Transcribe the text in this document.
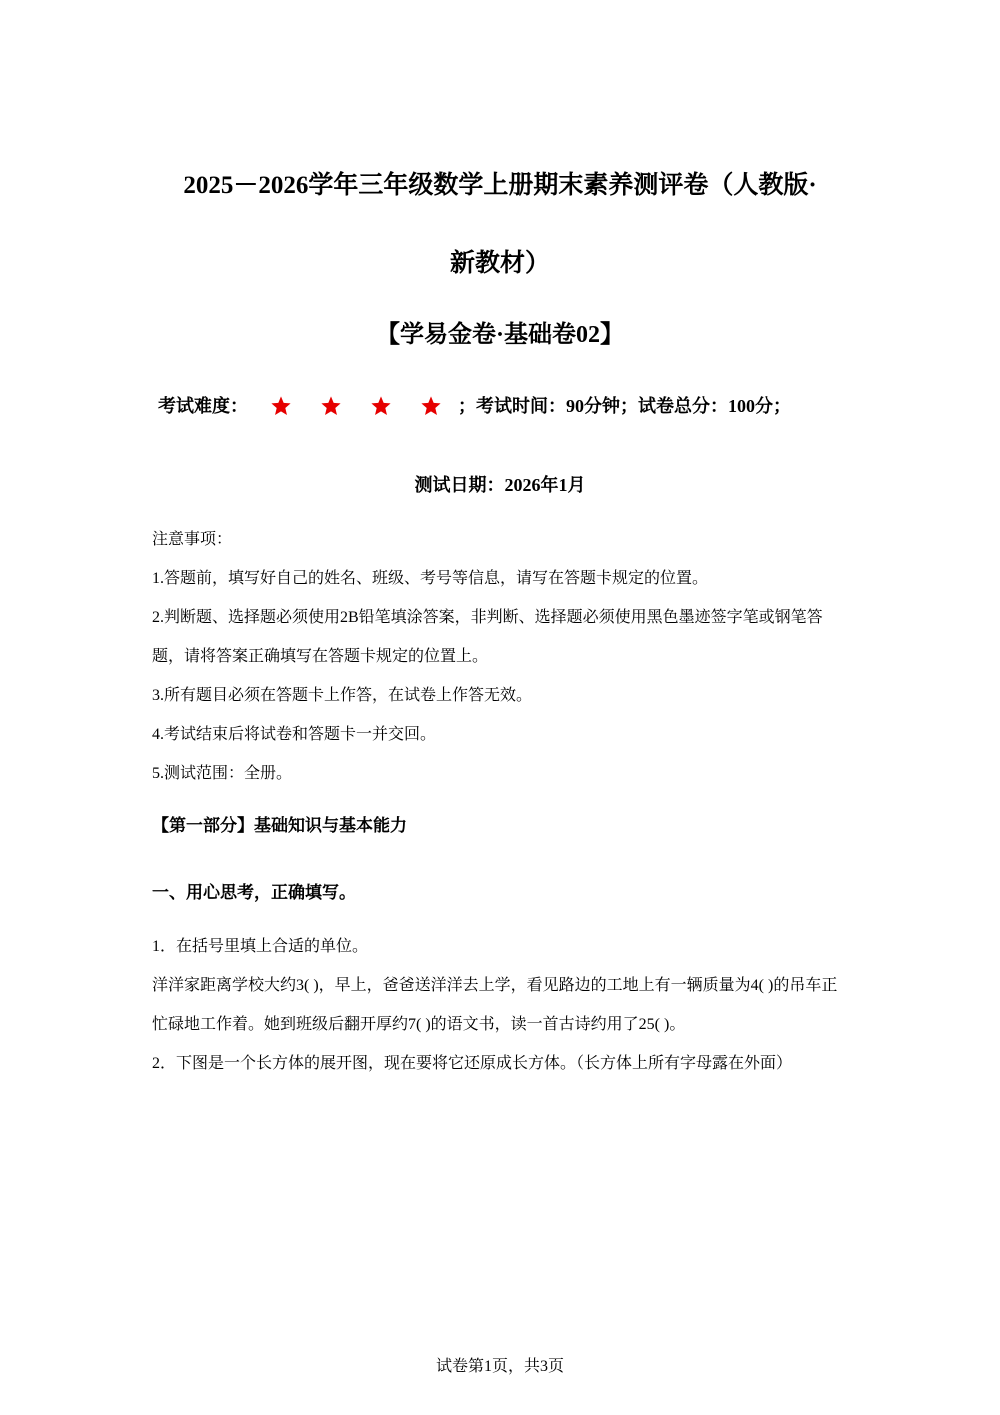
2025－2026学年三年级数学上册期末素养测评卷（人教版·
新教材）
【学易金卷·基础卷02】
考试难度：	；考试时间：90分钟；试卷总分：100分；
测试日期：2026年1月

注意事项：

1.答题前，填写好自己的姓名、班级、考号等信息，请写在答题卡规定的位置。

2.判断题、选择题必须使用2B铅笔填涂答案，非判断、选择题必须使用黑色墨迹签字笔或钢笔答题，请将答案正确填写在答题卡规定的位置上。

3.所有题目必须在答题卡上作答，在试卷上作答无效。

4.考试结束后将试卷和答题卡一并交回。

5.测试范围：全册。

【第一部分】基础知识与基本能力
一、用心思考，正确填写。

1．在括号里填上合适的单位。

洋洋家距离学校大约3( )，早上，爸爸送洋洋去上学，看见路边的工地上有一辆质量为4( )的吊车正忙碌地工作着。她到班级后翻开厚约7( )的语文书，读一首古诗约用了25( )。

2．下图是一个长方体的展开图，现在要将它还原成长方体。（长方体上所有字母露在外面）

试卷第1页，共3页
